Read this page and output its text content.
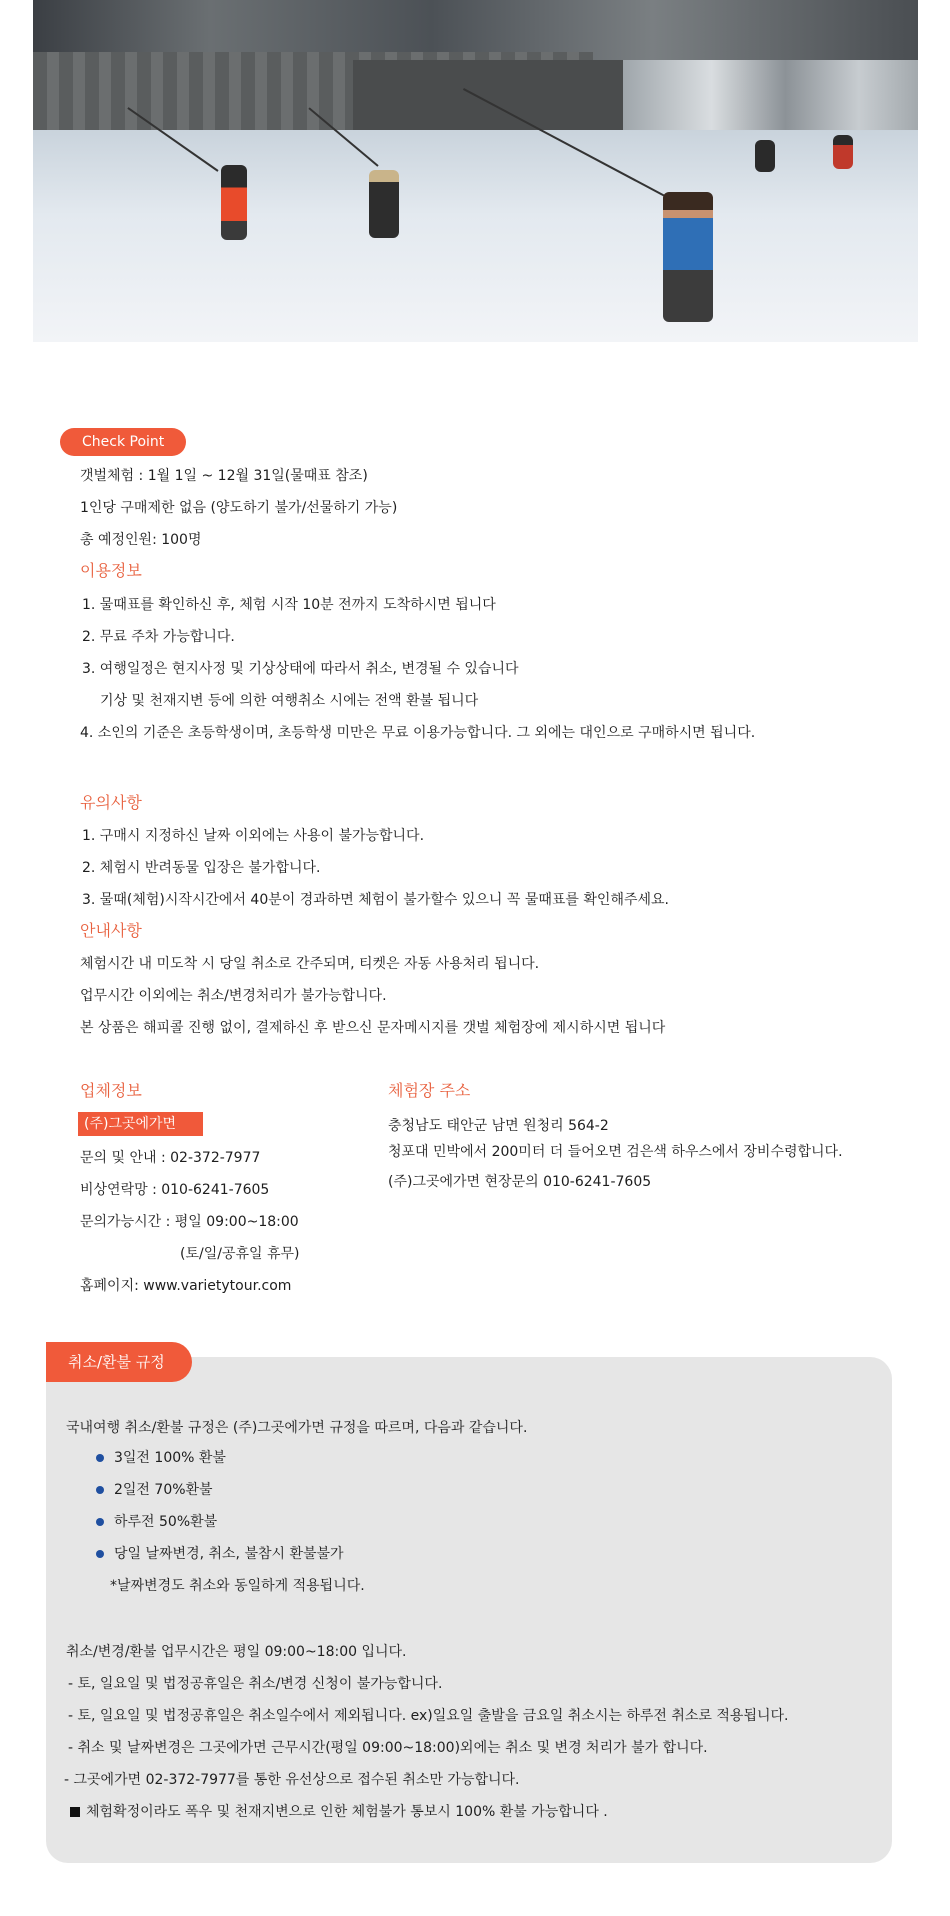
Check Point
갯벌체험 : 1월 1일 ~ 12월 31일(물때표 참조)
1인당 구매제한 없음 (양도하기 불가/선물하기 가능)
총 예정인원: 100명
이용정보
1. 물때표를 확인하신 후, 체험 시작 10분 전까지 도착하시면 됩니다
2. 무료 주차 가능합니다.
3. 여행일정은 현지사정 및 기상상태에 따라서 취소, 변경될 수 있습니다
기상 및 천재지변 등에 의한 여행취소 시에는 전액 환불 됩니다
4. 소인의 기준은 초등학생이며, 초등학생 미만은 무료 이용가능합니다. 그 외에는 대인으로 구매하시면 됩니다.
유의사항
1. 구매시 지정하신 날짜 이외에는 사용이 불가능합니다.
2. 체험시 반려동물 입장은 불가합니다.
3. 물때(체험)시작시간에서 40분이 경과하면 체험이 불가할수 있으니 꼭 물때표를 확인해주세요.
안내사항
체험시간 내 미도착 시 당일 취소로 간주되며, 티켓은 자동 사용처리 됩니다.
업무시간 이외에는 취소/변경처리가 불가능합니다.
본 상품은 해피콜 진행 없이, 결제하신 후 받으신 문자메시지를 갯벌 체험장에 제시하시면 됩니다
업체정보
(주)그곳에가면
문의 및 안내 : 02-372-7977
비상연락망 : 010-6241-7605
문의가능시간 : 평일 09:00~18:00
(토/일/공휴일 휴무)
홈페이지: www.varietytour.com
체험장 주소
충청남도 태안군 남면 원청리 564-2
청포대 민박에서 200미터 더 들어오면 검은색 하우스에서 장비수령합니다.
(주)그곳에가면 현장문의 010-6241-7605
취소/환불 규정
국내여행 취소/환불 규정은 (주)그곳에가면 규정을 따르며, 다음과 같습니다.
3일전 100% 환불
2일전 70%환불
하루전 50%환불
당일 날짜변경, 취소, 불참시 환불불가
*날짜변경도 취소와 동일하게 적용됩니다.
취소/변경/환불 업무시간은 평일 09:00~18:00 입니다.
- 토, 일요일 및 법정공휴일은 취소/변경 신청이 불가능합니다.
- 토, 일요일 및 법정공휴일은 취소일수에서 제외됩니다. ex)일요일 출발을 금요일 취소시는 하루전 취소로 적용됩니다.
- 취소 및 날짜변경은 그곳에가면 근무시간(평일 09:00~18:00)외에는 취소 및 변경 처리가 불가 합니다.
- 그곳에가면 02-372-7977를 통한 유선상으로 접수된 취소만 가능합니다.
체험확정이라도 폭우 및 천재지변으로 인한 체험불가 통보시 100% 환불 가능합니다 .
